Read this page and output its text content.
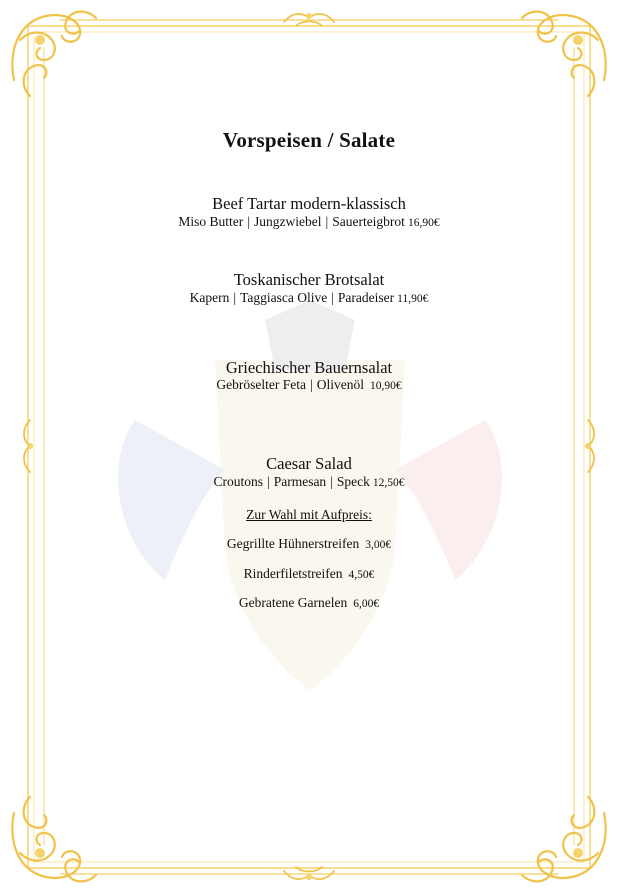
Vorspeisen / Salate
Beef Tartar modern-klassisch
Miso Butter | Jungzwiebel | Sauerteigbrot 16,90€
Toskanischer Brotsalat
Kapern | Taggiasca Olive | Paradeiser 11,90€
Griechischer Bauernsalat
Gebröselter Feta | Olivenöl 10,90€
Caesar Salad
Croutons | Parmesan | Speck 12,50€
Zur Wahl mit Aufpreis:
Gegrillte Hühnerstreifen 3,00€
Rinderfiletstreifen 4,50€
Gebratene Garnelen 6,00€
